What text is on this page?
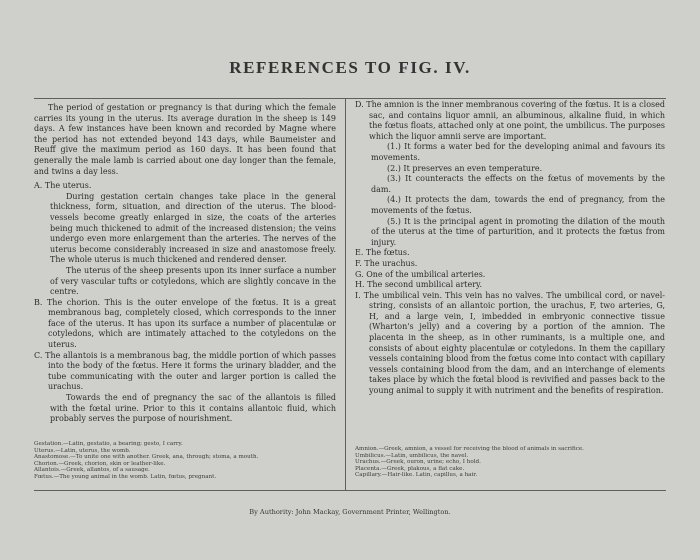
REFERENCES TO FIG. IV.

The period of gestation or pregnancy is that during which the female carries its young in the uterus. Its average duration in the sheep is 149 days. A few instances have been known and recorded by Magne where the period has not extended beyond 143 days, while Baumeister and Reuff give the maximum period as 160 days. It has been found that generally the male lamb is carried about one day longer than the female, and twins a day less.

A. The uterus.

During gestation certain changes take place in the general thickness, form, situation, and direction of the uterus. The blood-vessels become greatly enlarged in size, the coats of the arteries being much thickened to admit of the increased distension; the veins undergo even more enlargement than the arteries. The nerves of the uterus become considerably increased in size and anastomose freely. The whole uterus is much thickened and rendered denser.

The uterus of the sheep presents upon its inner surface a number of very vascular tufts or cotyledons, which are slightly concave in the centre.

B. The chorion. This is the outer envelope of the fœtus. It is a great membranous bag, completely closed, which corresponds to the inner face of the uterus. It has upon its surface a number of placentulæ or cotyledons, which are intimately attached to the cotyledons on the uterus.

C. The allantois is a membranous bag, the middle portion of which passes into the body of the fœtus. Here it forms the urinary bladder, and the tube communicating with the outer and larger portion is called the urachus.

Towards the end of pregnancy the sac of the allantois is filled with the fœtal urine. Prior to this it contains allantoic fluid, which probably serves the purpose of nourishment.

D. The amnion is the inner membranous covering of the fœtus. It is a closed sac, and contains liquor amnii, an albuminous, alkaline fluid, in which the fœtus floats, attached only at one point, the umbilicus. The purposes which the liquor amnii serve are important.

(1.) It forms a water bed for the developing animal and favours its movements.

(2.) It preserves an even temperature.

(3.) It counteracts the effects on the fœtus of movements by the dam.

(4.) It protects the dam, towards the end of pregnancy, from the movements of the fœtus.

(5.) It is the principal agent in promoting the dilation of the mouth of the uterus at the time of parturition, and it protects the fœtus from injury.

E. The fœtus.

F. The urachus.

G. One of the umbilical arteries.

H. The second umbilical artery.

I. The umbilical vein. This vein has no valves. The umbilical cord, or navel-string, consists of an allantoic portion, the urachus, F, two arteries, G, H, and a large vein, I, imbedded in embryonic connective tissue (Wharton's jelly) and a covering by a portion of the amnion. The placenta in the sheep, as in other ruminants, is a multiple one, and consists of about eighty placentulæ or cotyledons. In them the capillary vessels containing blood from the fœtus come into contact with capillary vessels containing blood from the dam, and an interchange of elements takes place by which the fœtal blood is revivified and passes back to the young animal to supply it with nutriment and the benefits of respiration.

Gestation.—Latin, gestatio, a bearing; gesto, I carry.
Uterus.—Latin, uterus, the womb.
Anastomose.—To unite one with another. Greek, ana, through; stoma, a mouth.
Chorion.—Greek, chorion, skin or leather-like.
Allantois.—Greek, allantos, of a sausage.
Fœtus.—The young animal in the womb. Latin, fœtus, pregnant.
Amnion.—Greek, amnion, a vessel for receiving the blood of animals in sacrifice.
Umbilicus.—Latin, umbilicus, the navel.
Urachus.—Greek, ouron, urine; echo, I hold.
Placenta.—Greek, plakous, a flat cake.
Capillary.—Hair-like. Latin, capillus, a hair.
By Authority: John Mackay, Government Printer, Wellington.
